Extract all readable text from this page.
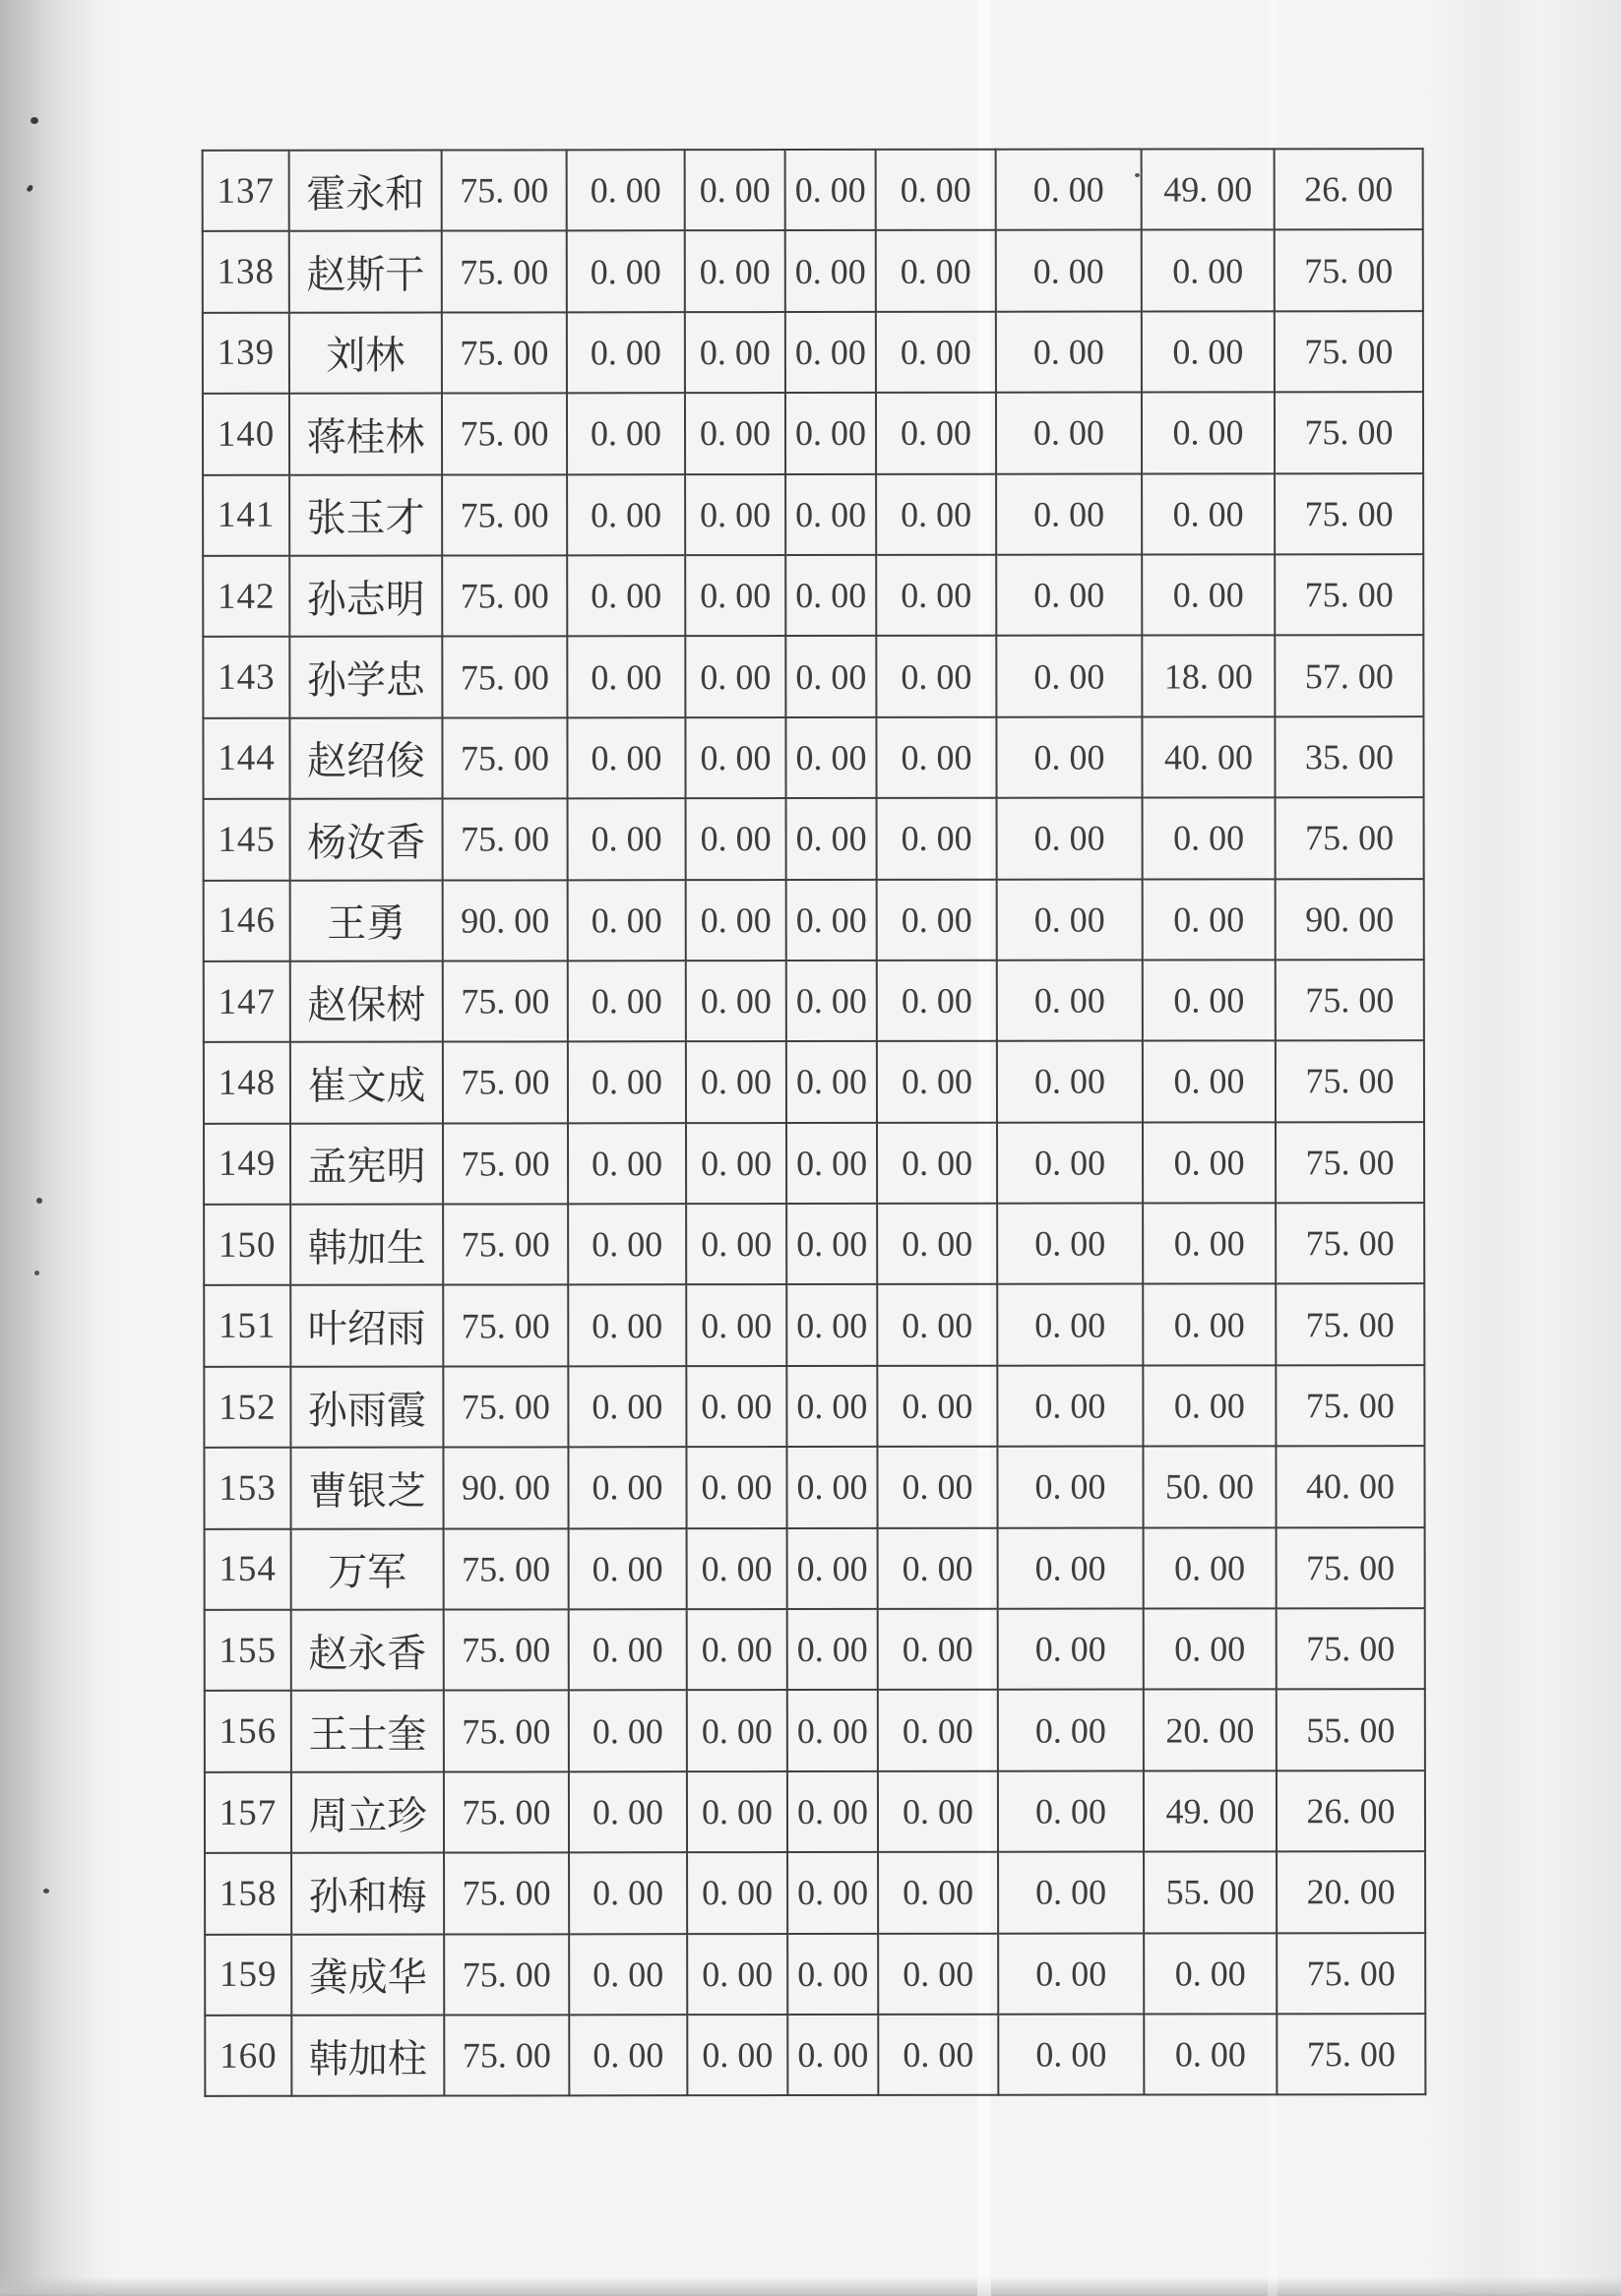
137	霍永和	75. 00	0. 00	0. 00	0. 00	0. 00	0. 00	49. 00	26. 00
138	赵斯干	75. 00	0. 00	0. 00	0. 00	0. 00	0. 00	0. 00	75. 00
139	刘林	75. 00	0. 00	0. 00	0. 00	0. 00	0. 00	0. 00	75. 00
140	蒋桂林	75. 00	0. 00	0. 00	0. 00	0. 00	0. 00	0. 00	75. 00
141	张玉才	75. 00	0. 00	0. 00	0. 00	0. 00	0. 00	0. 00	75. 00
142	孙志明	75. 00	0. 00	0. 00	0. 00	0. 00	0. 00	0. 00	75. 00
143	孙学忠	75. 00	0. 00	0. 00	0. 00	0. 00	0. 00	18. 00	57. 00
144	赵绍俊	75. 00	0. 00	0. 00	0. 00	0. 00	0. 00	40. 00	35. 00
145	杨汝香	75. 00	0. 00	0. 00	0. 00	0. 00	0. 00	0. 00	75. 00
146	王勇	90. 00	0. 00	0. 00	0. 00	0. 00	0. 00	0. 00	90. 00
147	赵保树	75. 00	0. 00	0. 00	0. 00	0. 00	0. 00	0. 00	75. 00
148	崔文成	75. 00	0. 00	0. 00	0. 00	0. 00	0. 00	0. 00	75. 00
149	孟宪明	75. 00	0. 00	0. 00	0. 00	0. 00	0. 00	0. 00	75. 00
150	韩加生	75. 00	0. 00	0. 00	0. 00	0. 00	0. 00	0. 00	75. 00
151	叶绍雨	75. 00	0. 00	0. 00	0. 00	0. 00	0. 00	0. 00	75. 00
152	孙雨霞	75. 00	0. 00	0. 00	0. 00	0. 00	0. 00	0. 00	75. 00
153	曹银芝	90. 00	0. 00	0. 00	0. 00	0. 00	0. 00	50. 00	40. 00
154	万军	75. 00	0. 00	0. 00	0. 00	0. 00	0. 00	0. 00	75. 00
155	赵永香	75. 00	0. 00	0. 00	0. 00	0. 00	0. 00	0. 00	75. 00
156	王士奎	75. 00	0. 00	0. 00	0. 00	0. 00	0. 00	20. 00	55. 00
157	周立珍	75. 00	0. 00	0. 00	0. 00	0. 00	0. 00	49. 00	26. 00
158	孙和梅	75. 00	0. 00	0. 00	0. 00	0. 00	0. 00	55. 00	20. 00
159	龚成华	75. 00	0. 00	0. 00	0. 00	0. 00	0. 00	0. 00	75. 00
160	韩加柱	75. 00	0. 00	0. 00	0. 00	0. 00	0. 00	0. 00	75. 00
